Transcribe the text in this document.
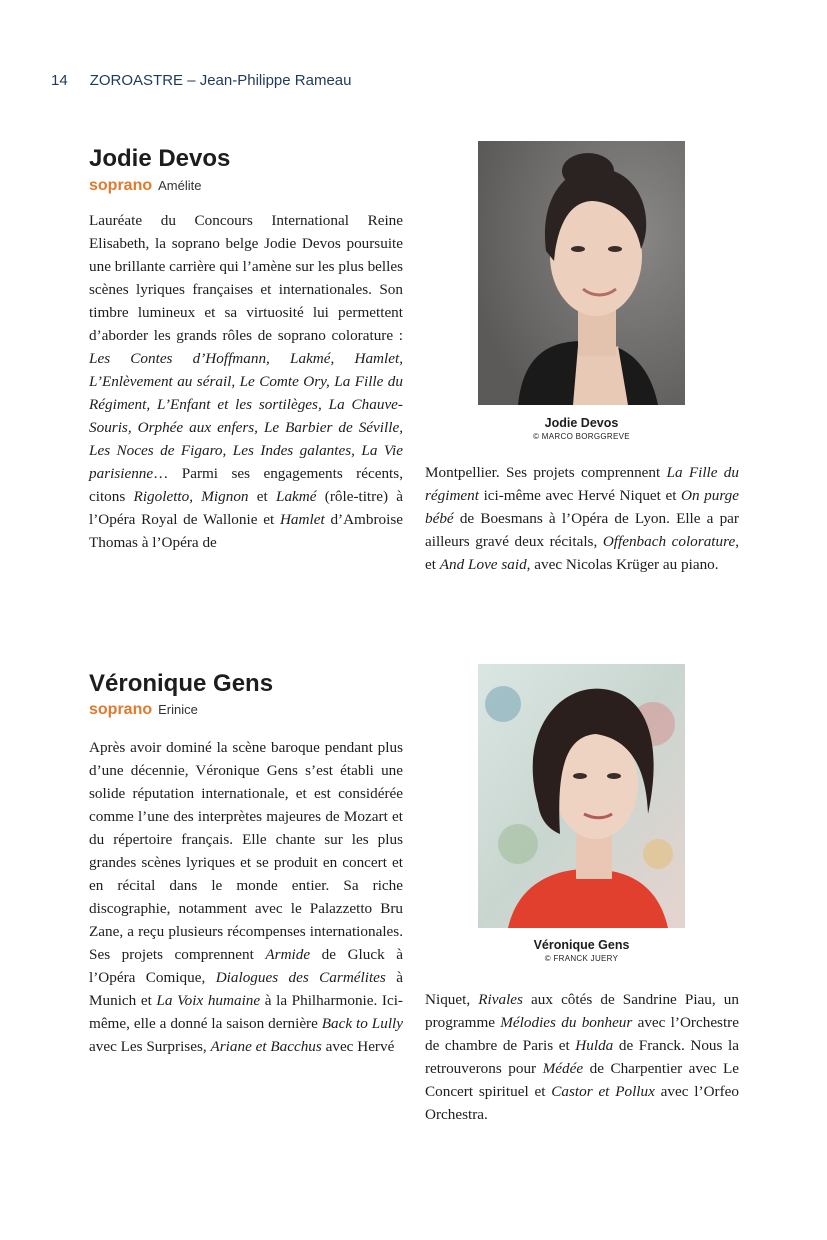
14 ZOROASTRE – Jean-Philippe Rameau
Jodie Devos
soprano Amélite
Lauréate du Concours International Reine Elisabeth, la soprano belge Jodie Devos poursuite une brillante carrière qui l’amène sur les plus belles scènes lyriques françaises et internationales. Son timbre lumineux et sa virtuosité lui permettent d’aborder les grands rôles de soprano colorature : Les Contes d’Hoffmann, Lakmé, Hamlet, L’Enlèvement au sérail, Le Comte Ory, La Fille du Régiment, L’Enfant et les sortilèges, La Chauve-Souris, Orphée aux enfers, Le Barbier de Séville, Les Noces de Figaro, Les Indes galantes, La Vie parisienne… Parmi ses engagements récents, citons Rigoletto, Mignon et Lakmé (rôle-titre) à l’Opéra Royal de Wallonie et Hamlet d’Ambroise Thomas à l’Opéra de
Jodie Devos
© MARCO BORGGREVE
Montpellier. Ses projets comprennent La Fille du régiment ici-même avec Hervé Niquet et On purge bébé de Boesmans à l’Opéra de Lyon. Elle a par ailleurs gravé deux récitals, Offenbach colorature, et And Love said, avec Nicolas Krüger au piano.
Véronique Gens
soprano Erinice
Après avoir dominé la scène baroque pendant plus d’une décennie, Véronique Gens s’est établi une solide réputation internationale, et est considérée comme l’une des interprètes majeures de Mozart et du répertoire français. Elle chante sur les plus grandes scènes lyriques et se produit en concert et en récital dans le monde entier. Sa riche discographie, notamment avec le Palazzetto Bru Zane, a reçu plusieurs récompenses internationales. Ses projets comprennent Armide de Gluck à l’Opéra Comique, Dialogues des Carmélites à Munich et La Voix humaine à la Philharmonie. Ici-même, elle a donné la saison dernière Back to Lully avec Les Surprises, Ariane et Bacchus avec Hervé
Véronique Gens
© FRANCK JUERY
Niquet, Rivales aux côtés de Sandrine Piau, un programme Mélodies du bonheur avec l’Orchestre de chambre de Paris et Hulda de Franck. Nous la retrouverons pour Médée de Charpentier avec Le Concert spirituel et Castor et Pollux avec l’Orfeo Orchestra.
